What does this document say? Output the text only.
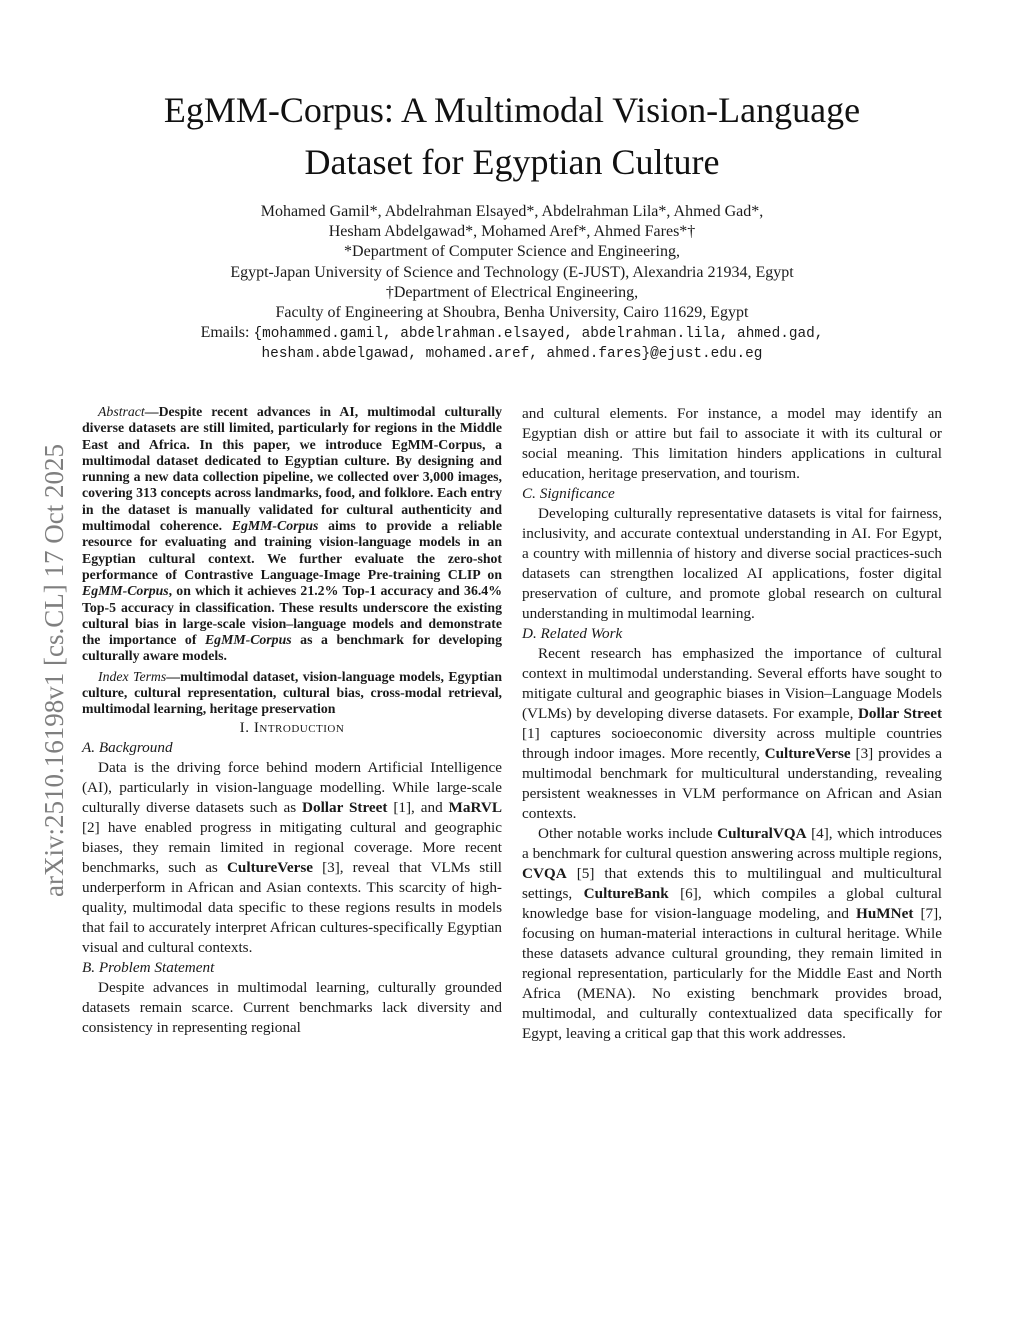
arXiv:2510.16198v1 [cs.CL] 17 Oct 2025
EgMM-Corpus: A Multimodal Vision-Language
Dataset for Egyptian Culture
Mohamed Gamil*, Abdelrahman Elsayed*, Abdelrahman Lila*, Ahmed Gad*,
Hesham Abdelgawad*, Mohamed Aref*, Ahmed Fares*†
*Department of Computer Science and Engineering,
Egypt-Japan University of Science and Technology (E-JUST), Alexandria 21934, Egypt
†Department of Electrical Engineering,
Faculty of Engineering at Shoubra, Benha University, Cairo 11629, Egypt
Emails: {mohammed.gamil, abdelrahman.elsayed, abdelrahman.lila, ahmed.gad,
hesham.abdelgawad, mohamed.aref, ahmed.fares}@ejust.edu.eg

Abstract—Despite recent advances in AI, multimodal culturally diverse datasets are still limited, particularly for regions in the Middle East and Africa. In this paper, we introduce EgMM-Corpus, a multimodal dataset dedicated to Egyptian culture. By designing and running a new data collection pipeline, we collected over 3,000 images, covering 313 concepts across landmarks, food, and folklore. Each entry in the dataset is manually validated for cultural authenticity and multimodal coherence. EgMM-Corpus aims to provide a reliable resource for evaluating and training vision-language models in an Egyptian cultural context. We further evaluate the zero-shot performance of Contrastive Language-Image Pre-training CLIP on EgMM-Corpus, on which it achieves 21.2% Top-1 accuracy and 36.4% Top-5 accuracy in classification. These results underscore the existing cultural bias in large-scale vision–language models and demonstrate the importance of EgMM-Corpus as a benchmark for developing culturally aware models.

Index Terms—multimodal dataset, vision-language models, Egyptian culture, cultural representation, cultural bias, cross-modal retrieval, multimodal learning, heritage preservation

I. Introduction

A. Background

Data is the driving force behind modern Artificial Intelligence (AI), particularly in vision-language modelling. While large-scale culturally diverse datasets such as Dollar Street [1], and MaRVL [2] have enabled progress in mitigating cultural and geographic biases, they remain limited in regional coverage. More recent benchmarks, such as CultureVerse [3], reveal that VLMs still underperform in African and Asian contexts. This scarcity of high-quality, multimodal data specific to these regions results in models that fail to accurately interpret African cultures-specifically Egyptian visual and cultural contexts.

B. Problem Statement

Despite advances in multimodal learning, culturally grounded datasets remain scarce. Current benchmarks lack diversity and consistency in representing regional

and cultural elements. For instance, a model may identify an Egyptian dish or attire but fail to associate it with its cultural or social meaning. This limitation hinders applications in cultural education, heritage preservation, and tourism.

C. Significance

Developing culturally representative datasets is vital for fairness, inclusivity, and accurate contextual understanding in AI. For Egypt, a country with millennia of history and diverse social practices-such datasets can strengthen localized AI applications, foster digital preservation of culture, and promote global research on cultural understanding in multimodal learning.

D. Related Work

Recent research has emphasized the importance of cultural context in multimodal understanding. Several efforts have sought to mitigate cultural and geographic biases in Vision–Language Models (VLMs) by developing diverse datasets. For example, Dollar Street [1] captures socioeconomic diversity across multiple countries through indoor images. More recently, CultureVerse [3] provides a multimodal benchmark for multicultural understanding, revealing persistent weaknesses in VLM performance on African and Asian contexts.

Other notable works include CulturalVQA [4], which introduces a benchmark for cultural question answering across multiple regions, CVQA [5] that extends this to multilingual and multicultural settings, CultureBank [6], which compiles a global cultural knowledge base for vision-language modeling, and HuMNet [7], focusing on human-material interactions in cultural heritage. While these datasets advance cultural grounding, they remain limited in regional representation, particularly for the Middle East and North Africa (MENA). No existing benchmark provides broad, multimodal, and culturally contextualized data specifically for Egypt, leaving a critical gap that this work addresses.
